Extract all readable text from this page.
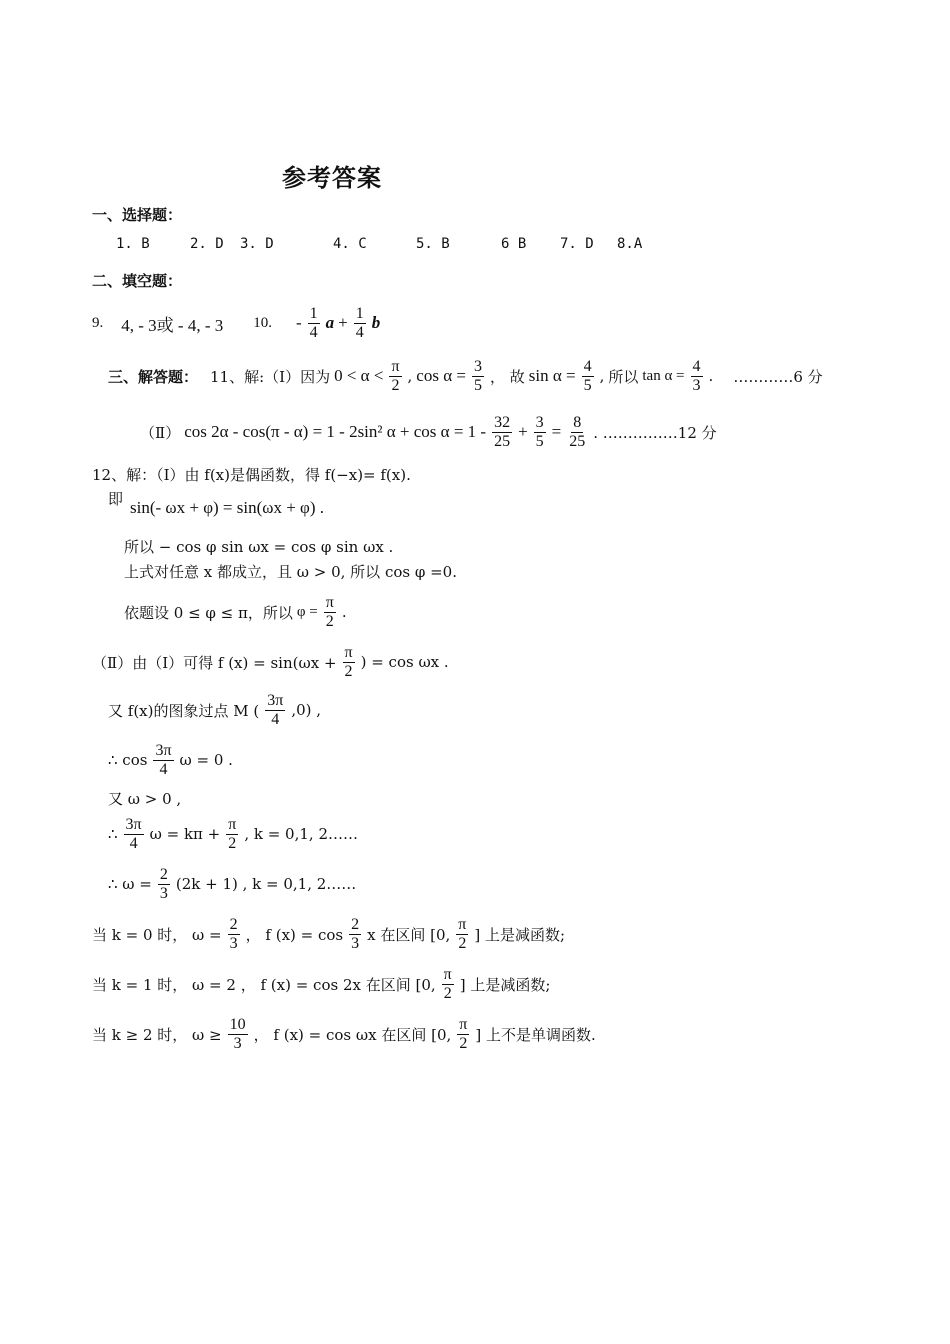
参考答案
一、选择题：
1. B	2. D 3. D	4. C	5. B	6 B 7. D 8.A
二、填空题：
9. 4, - 3或 - 4, - 3 10. - $\frac{1}{4}$ $a + \frac{1}{4}$ b
三、解答题： 11、解:（Ⅰ）因为 $0 < \alpha < \frac{\pi}{2}$ , $\cos \alpha = \frac{3}{5}$ ， 故 $\sin \alpha = \frac{4}{5}$ , 所以 $\tan \alpha = \frac{4}{3}$ . …………6 分
（Ⅱ） cos 2α - cos(π - α) = 1 - 2sin² $\alpha + \cos \alpha = 1 - \frac{32}{25} + \frac{3}{5} = \frac{8}{25}$ . ……………12 分
12、解：（Ⅰ）由 f(x)是偶函数，得 f(−x)= f(x).
即 sin(- ωx + φ) = sin(ωx + φ) .
所以 − cos φ sin ωx = cos φ sin ωx .
上式对任意 x 都成立，且 ω > 0, 所以 cos φ =0.
依题设 0 ≤ φ ≤ π，所以 $\varphi = \frac{\pi}{2}$ .
（Ⅱ）由（Ⅰ）可得 f $(x) = \sin(\omega x + \frac{\pi}{2}$ ) = cos ωx .
又 f(x)的图象过点 M ( $\frac{3\pi}{4} ,0$) ,
∴ $\cos \frac{3\pi}{4}$ ω = 0 .
又 ω > 0 ,
∴ $\frac{3\pi}{4}$ $\omega = k\pi + \frac{\pi}{2}$ , k = 0,1, 2……
∴ $\omega = \frac{2}{3} (2k + 1)$ , k = 0,1, 2……
当 k = 0 时， $\omega = \frac{2}{3}$ ， f $(x) = \cos \frac{2}{3}$ x 在区间 [0, $\frac{\pi}{2}$ ] 上是减函数;
当 k = 1 时， ω = 2 ， f (x) = cos 2x 在区间 [0, $\frac{\pi}{2}$ ] 上是减函数;
当 k ≥ 2 时， $\omega \ge \frac{10}{3}$ ， f (x) = cos ωx 在区间 [0, $\frac{\pi}{2}$ ] 上不是单调函数.
